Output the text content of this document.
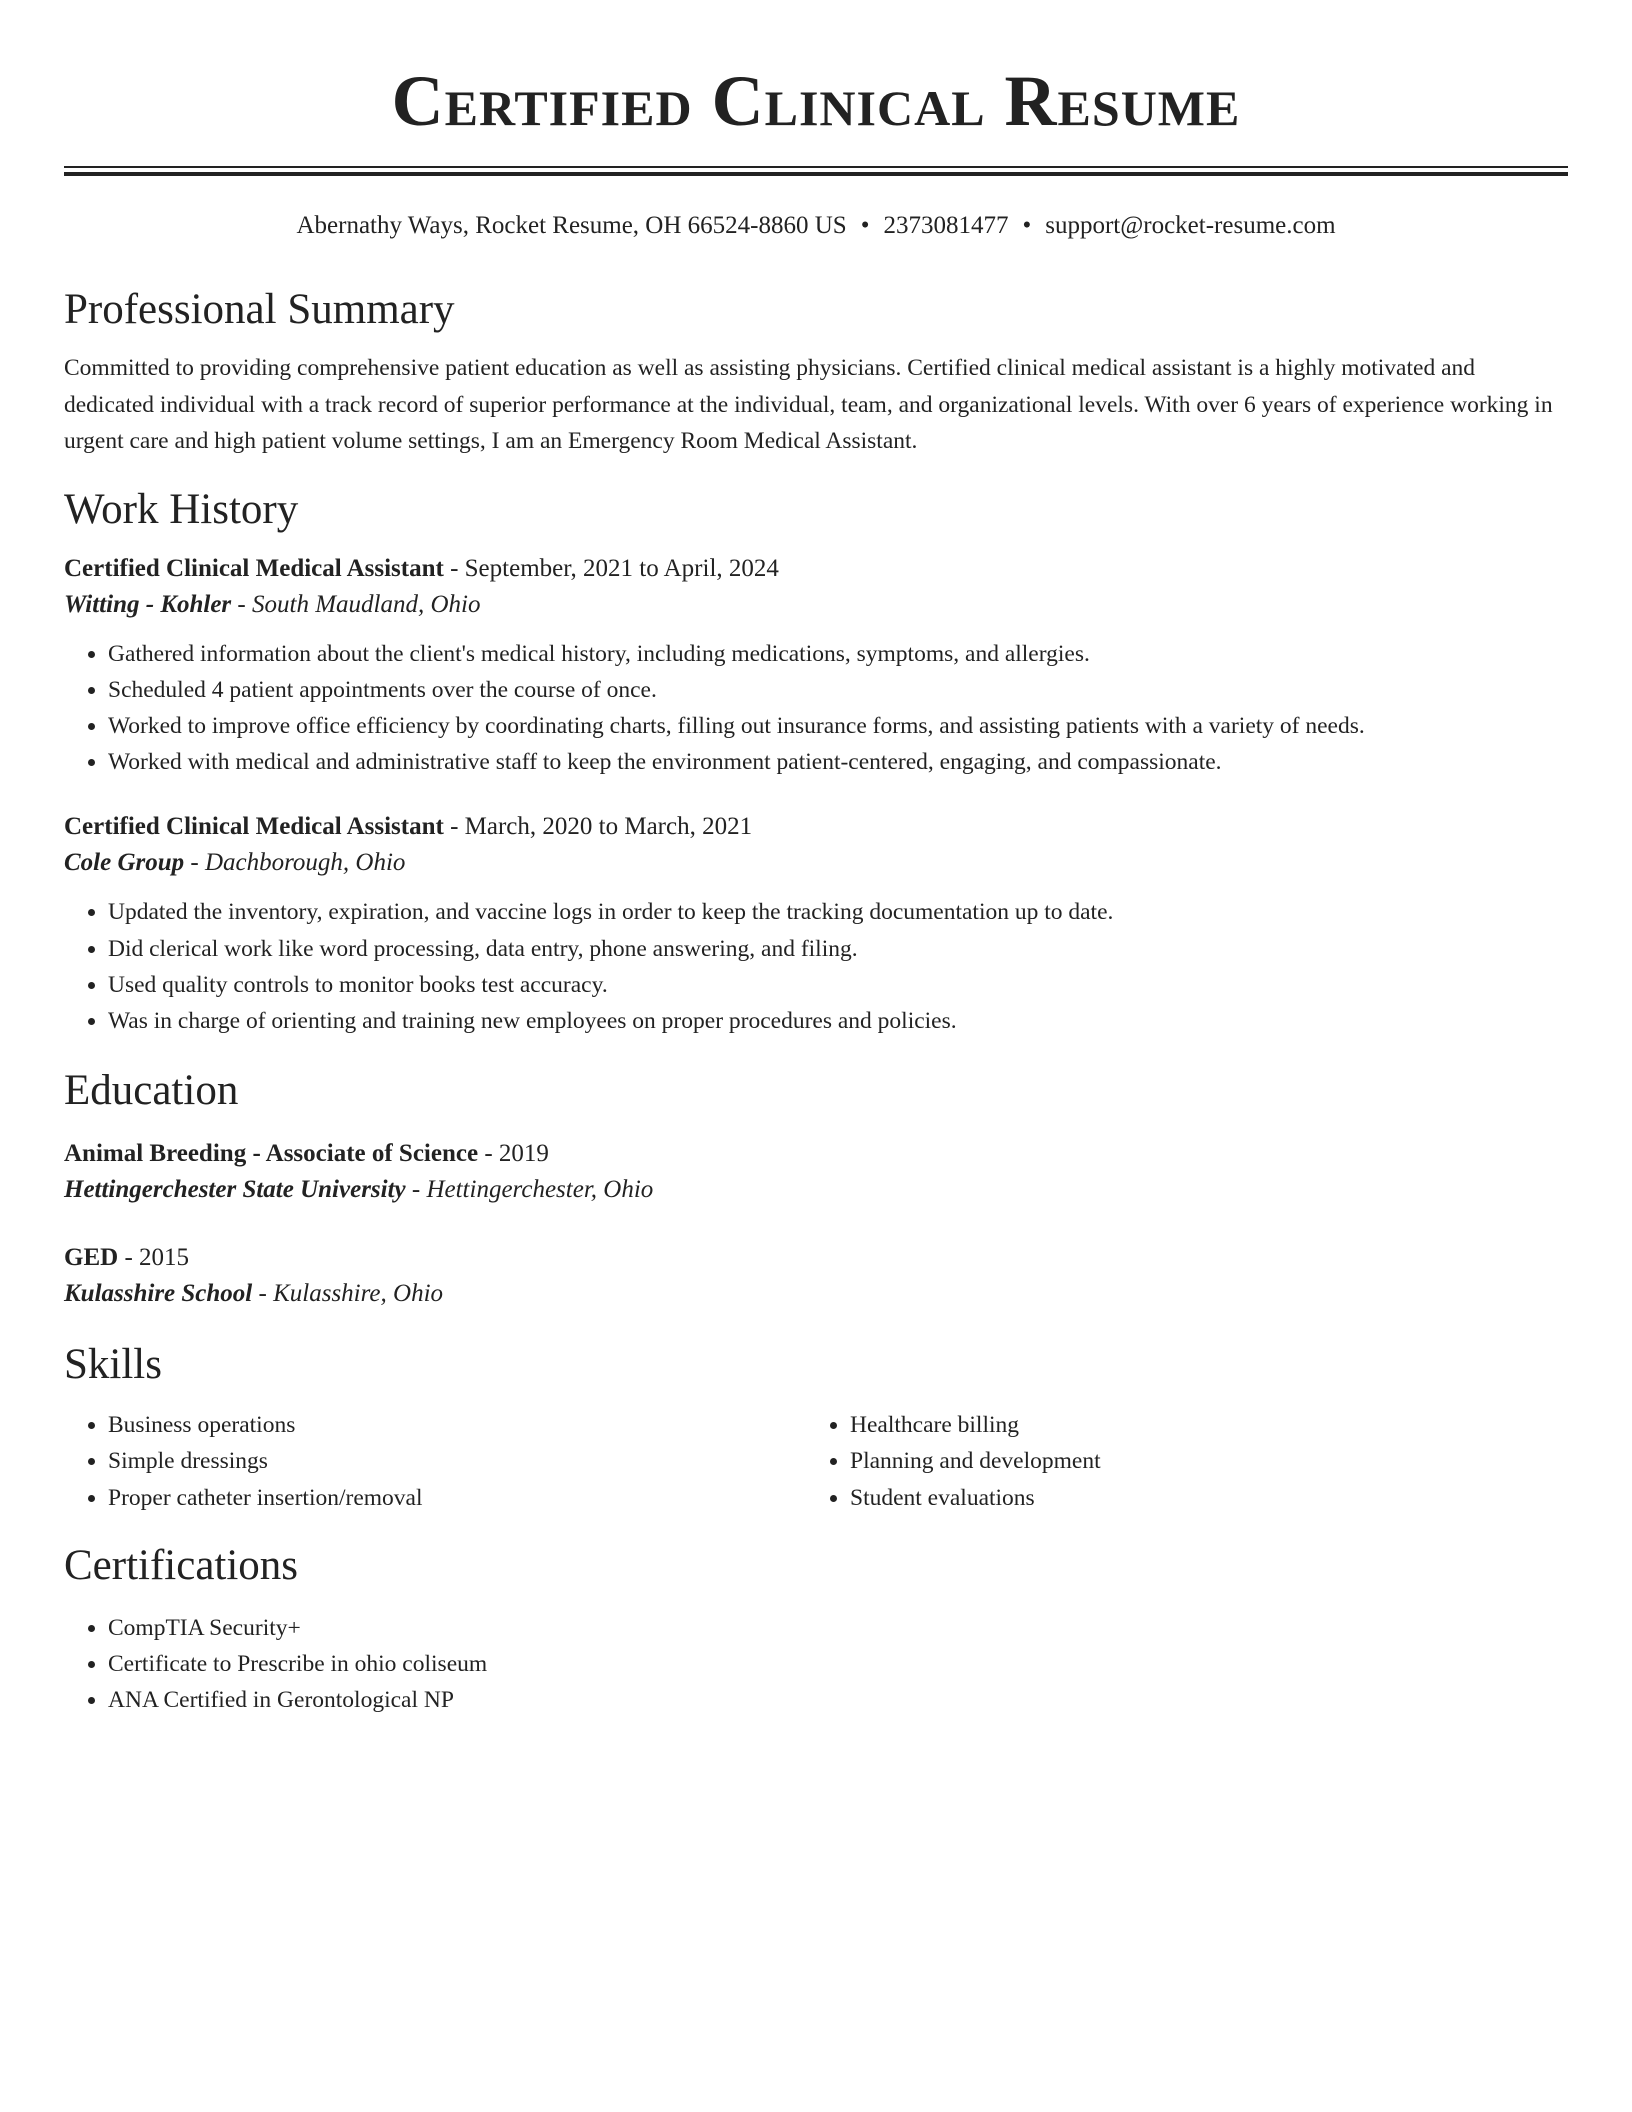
Certified Clinical Resume
Abernathy Ways, Rocket Resume, OH 66524-8860 US • 2373081477 • support@rocket-resume.com
Professional Summary

Committed to providing comprehensive patient education as well as assisting physicians. Certified clinical medical assistant is a highly motivated and dedicated individual with a track record of superior performance at the individual, team, and organizational levels. With over 6 years of experience working in urgent care and high patient volume settings, I am an Emergency Room Medical Assistant.

Work History
Certified Clinical Medical Assistant - September, 2021 to April, 2024
Witting - Kohler - South Maudland, Ohio
• Gathered information about the client's medical history, including medications, symptoms, and allergies.
• Scheduled 4 patient appointments over the course of once.
• Worked to improve office efficiency by coordinating charts, filling out insurance forms, and assisting patients with a variety of needs.
• Worked with medical and administrative staff to keep the environment patient-centered, engaging, and compassionate.
Certified Clinical Medical Assistant - March, 2020 to March, 2021
Cole Group - Dachborough, Ohio
• Updated the inventory, expiration, and vaccine logs in order to keep the tracking documentation up to date.
• Did clerical work like word processing, data entry, phone answering, and filing.
• Used quality controls to monitor books test accuracy.
• Was in charge of orienting and training new employees on proper procedures and policies.
Education
Animal Breeding - Associate of Science - 2019
Hettingerchester State University - Hettingerchester, Ohio
GED - 2015
Kulasshire School - Kulasshire, Ohio
Skills
• Business operations
• Simple dressings
• Proper catheter insertion/removal
• Healthcare billing
• Planning and development
• Student evaluations
Certifications
• CompTIA Security+
• Certificate to Prescribe in ohio coliseum
• ANA Certified in Gerontological NP
